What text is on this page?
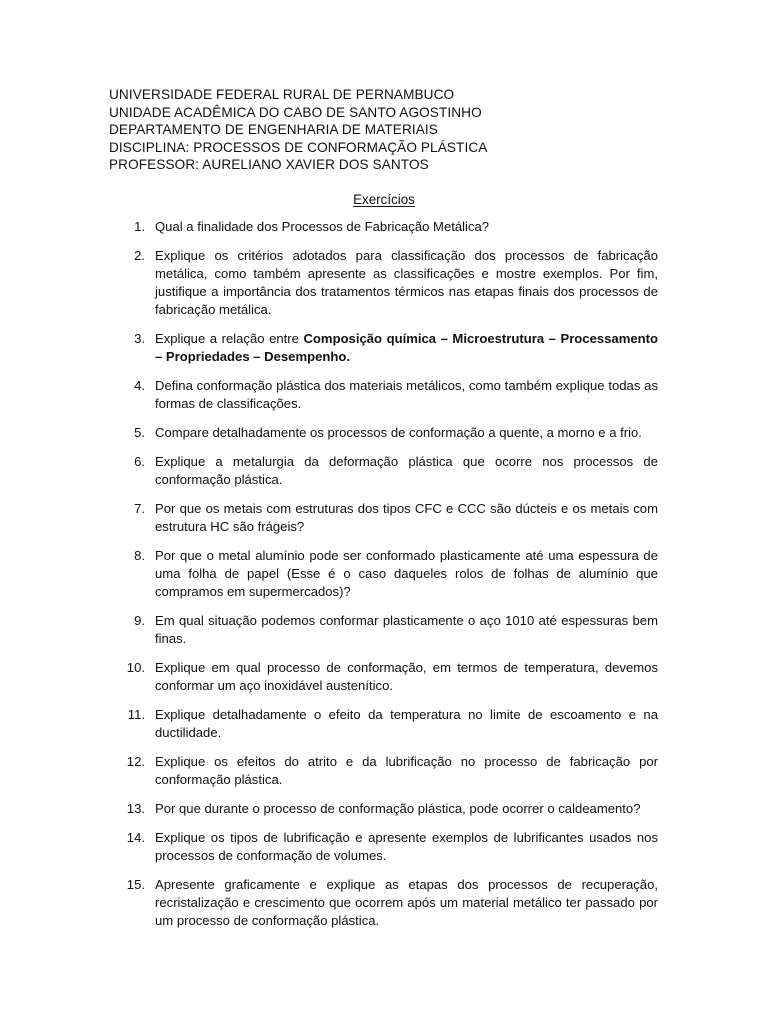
UNIVERSIDADE FEDERAL RURAL DE PERNAMBUCO
UNIDADE ACADÊMICA DO CABO DE SANTO AGOSTINHO
DEPARTAMENTO DE ENGENHARIA DE MATERIAIS
DISCIPLINA: PROCESSOS DE CONFORMAÇÃO PLÁSTICA
PROFESSOR: AURELIANO XAVIER DOS SANTOS
Exercícios
1. Qual a finalidade dos Processos de Fabricação Metálica?
2. Explique os critérios adotados para classificação dos processos de fabricação metálica, como também apresente as classificações e mostre exemplos. Por fim, justifique a importância dos tratamentos térmicos nas etapas finais dos processos de fabricação metálica.
3. Explique a relação entre Composição química – Microestrutura – Processamento – Propriedades – Desempenho.
4. Defina conformação plástica dos materiais metálicos, como também explique todas as formas de classificações.
5. Compare detalhadamente os processos de conformação a quente, a morno e a frio.
6. Explique a metalurgia da deformação plástica que ocorre nos processos de conformação plástica.
7. Por que os metais com estruturas dos tipos CFC e CCC são dúcteis e os metais com estrutura HC são frágeis?
8. Por que o metal alumínio pode ser conformado plasticamente até uma espessura de uma folha de papel (Esse é o caso daqueles rolos de folhas de alumínio que compramos em supermercados)?
9. Em qual situação podemos conformar plasticamente o aço 1010 até espessuras bem finas.
10. Explique em qual processo de conformação, em termos de temperatura, devemos conformar um aço inoxidável austenítico.
11. Explique detalhadamente o efeito da temperatura no limite de escoamento e na ductilidade.
12. Explique os efeitos do atrito e da lubrificação no processo de fabricação por conformação plástica.
13. Por que durante o processo de conformação plástica, pode ocorrer o caldeamento?
14. Explique os tipos de lubrificação e apresente exemplos de lubrificantes usados nos processos de conformação de volumes.
15. Apresente graficamente e explique as etapas dos processos de recuperação, recristalização e crescimento que ocorrem após um material metálico ter passado por um processo de conformação plástica.
